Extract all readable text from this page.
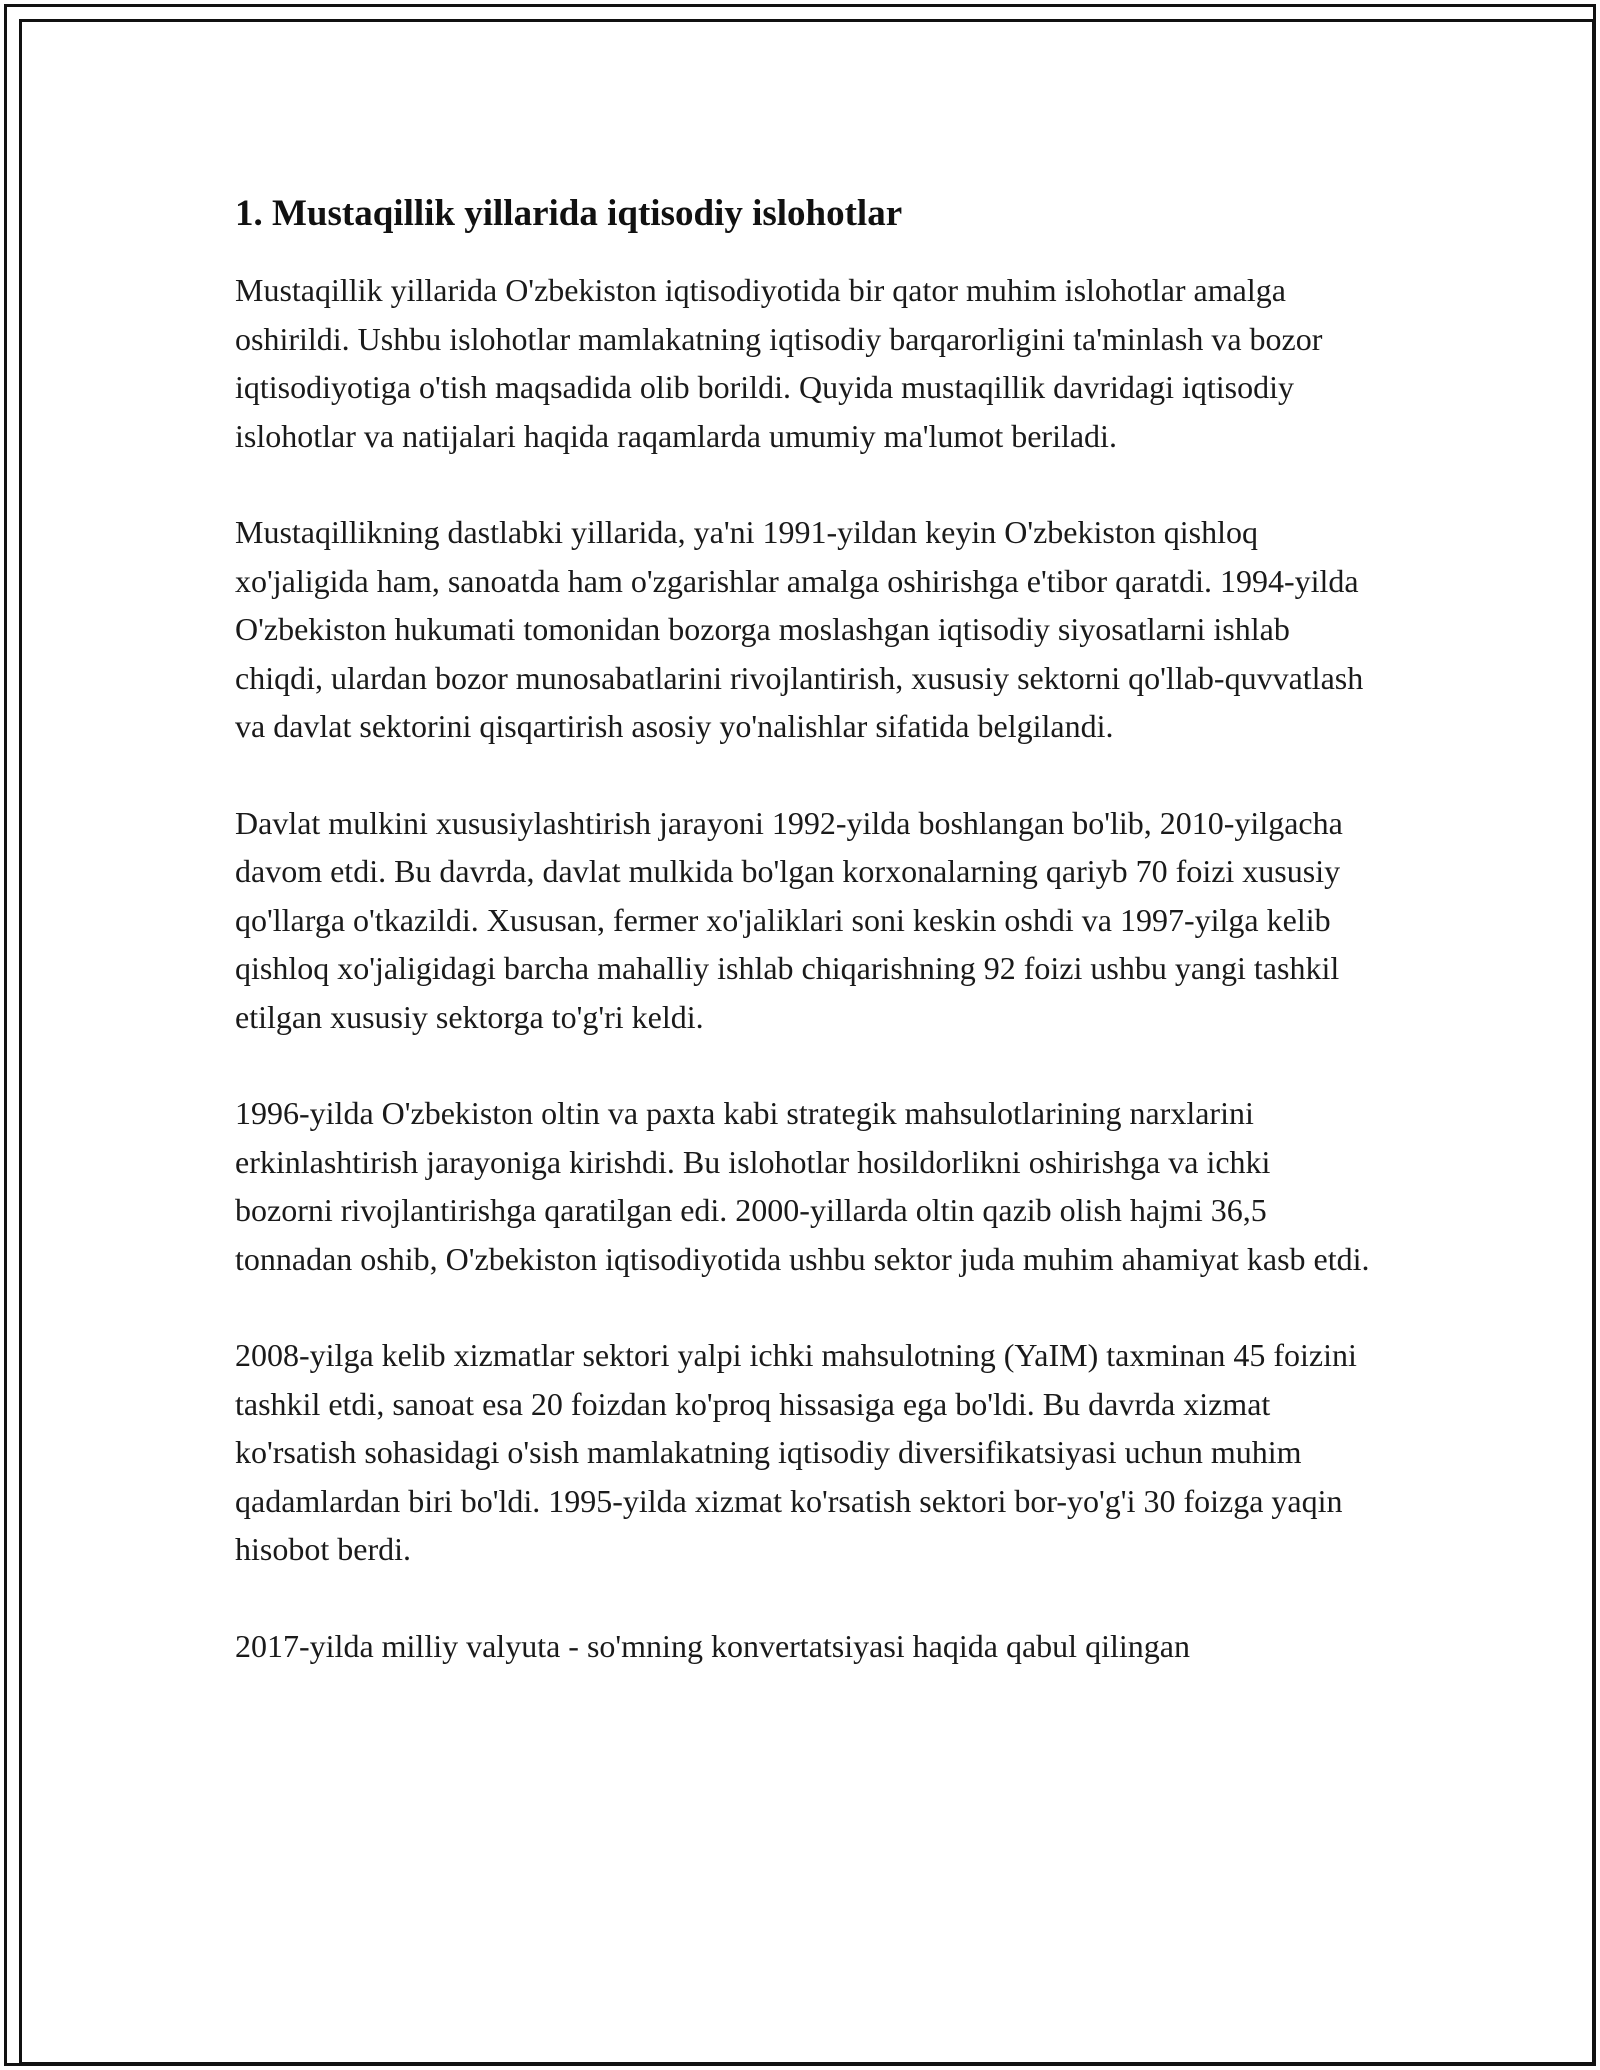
1. Mustaqillik yillarida iqtisodiy islohotlar

Mustaqillik yillarida O'zbekiston iqtisodiyotida bir qator muhim islohotlar amalga oshirildi. Ushbu islohotlar mamlakatning iqtisodiy barqarorligini ta'minlash va bozor iqtisodiyotiga o'tish maqsadida olib borildi. Quyida mustaqillik davridagi iqtisodiy islohotlar va natijalari haqida raqamlarda umumiy ma'lumot beriladi.

Mustaqillikning dastlabki yillarida, ya'ni 1991-yildan keyin O'zbekiston qishloq xo'jaligida ham, sanoatda ham o'zgarishlar amalga oshirishga e'tibor qaratdi. 1994-yilda O'zbekiston hukumati tomonidan bozorga moslashgan iqtisodiy siyosatlarni ishlab chiqdi, ulardan bozor munosabatlarini rivojlantirish, xususiy sektorni qo'llab-quvvatlash va davlat sektorini qisqartirish asosiy yo'nalishlar sifatida belgilandi.

Davlat mulkini xususiylashtirish jarayoni 1992-yilda boshlangan bo'lib, 2010-yilgacha davom etdi. Bu davrda, davlat mulkida bo'lgan korxonalarning qariyb 70 foizi xususiy qo'llarga o'tkazildi. Xususan, fermer xo'jaliklari soni keskin oshdi va 1997-yilga kelib qishloq xo'jaligidagi barcha mahalliy ishlab chiqarishning 92 foizi ushbu yangi tashkil etilgan xususiy sektorga to'g'ri keldi.

1996-yilda O'zbekiston oltin va paxta kabi strategik mahsulotlarining narxlarini erkinlashtirish jarayoniga kirishdi. Bu islohotlar hosildorlikni oshirishga va ichki bozorni rivojlantirishga qaratilgan edi. 2000-yillarda oltin qazib olish hajmi 36,5 tonnadan oshib, O'zbekiston iqtisodiyotida ushbu sektor juda muhim ahamiyat kasb etdi.

2008-yilga kelib xizmatlar sektori yalpi ichki mahsulotning (YaIM) taxminan 45 foizini tashkil etdi, sanoat esa 20 foizdan ko'proq hissasiga ega bo'ldi. Bu davrda xizmat ko'rsatish sohasidagi o'sish mamlakatning iqtisodiy diversifikatsiyasi uchun muhim qadamlardan biri bo'ldi. 1995-yilda xizmat ko'rsatish sektori bor-yo'g'i 30 foizga yaqin hisobot berdi.

2017-yilda milliy valyuta - so'mning konvertatsiyasi haqida qabul qilingan
